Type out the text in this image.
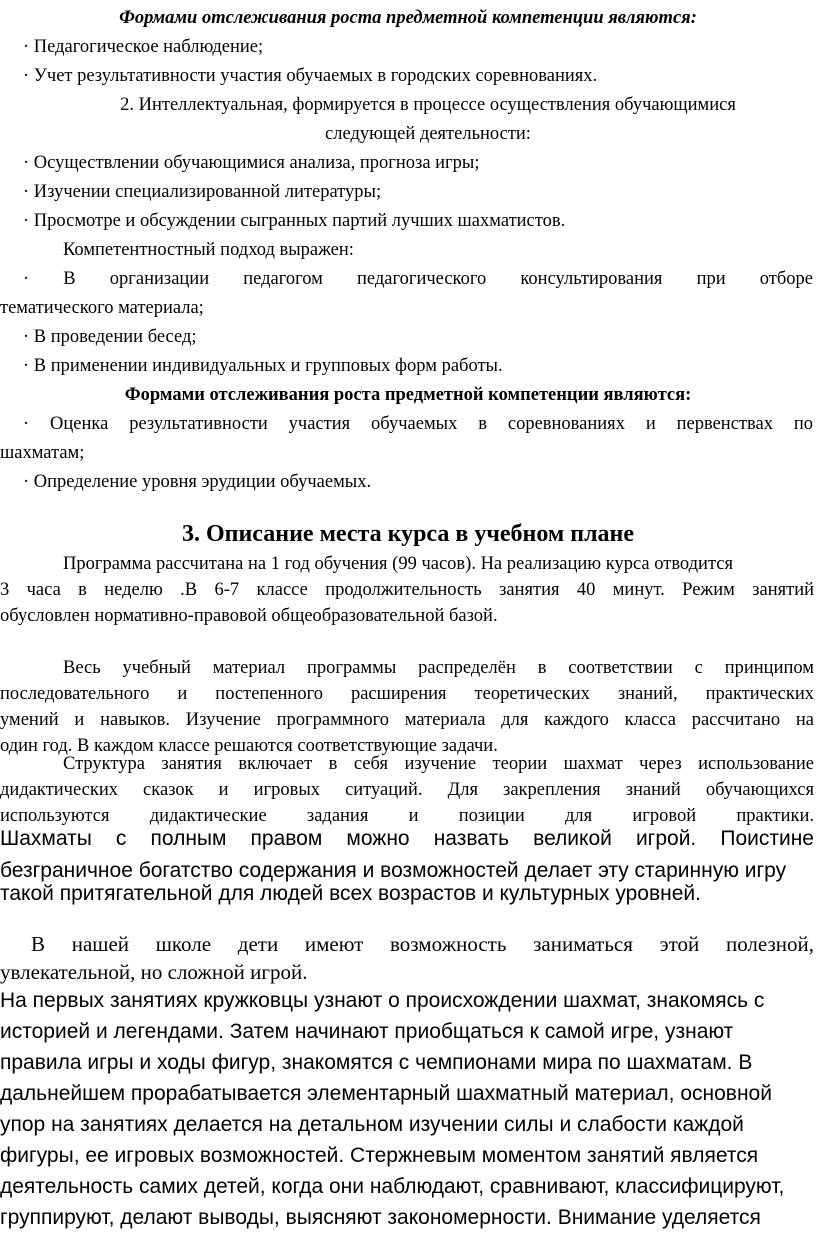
Формами отслеживания роста предметной компетенции являются:
· Педагогическое наблюдение;
· Учет результативности участия обучаемых в городских соревнованиях.
2. Интеллектуальная, формируется в процессе осуществления обучающимися
следующей деятельности:
· Осуществлении обучающимися анализа, прогноза игры;
· Изучении специализированной литературы;
· Просмотре и обсуждении сыгранных партий лучших шахматистов.
Компетентностный подход выражен:
· В организации педагогом педагогического консультирования при отборе
тематического материала;
· В проведении бесед;
· В применении индивидуальных и групповых форм работы.
Формами отслеживания роста предметной компетенции являются:
· Оценка результативности участия обучаемых в соревнованиях и первенствах по
шахматам;
· Определение уровня эрудиции обучаемых.
3. Описание места курса в учебном плане
Программа рассчитана на 1 год обучения (99 часов). На реализацию курса отводится
3 часа в неделю .В 6-7 классе продолжительность занятия 40 минут. Режим занятий
обусловлен нормативно-правовой общеобразовательной базой.
Весь учебный материал программы распределён в соответствии с принципом
последовательного и постепенного расширения теоретических знаний, практических
умений и навыков. Изучение программного материала для каждого класса рассчитано на
один год. В каждом классе решаются соответствующие задачи.
Структура занятия включает в себя изучение теории шахмат через использование
дидактических сказок и игровых ситуаций. Для закрепления знаний обучающихся
используются дидактические задания и позиции для игровой практики.
Шахматы с полным правом можно назвать великой игрой. Поистине
безграничное богатство содержания и возможностей делает эту старинную игру
такой притягательной для людей всех возрастов и культурных уровней.
В нашей школе дети имеют возможность заниматься этой полезной,
увлекательной, но сложной игрой.
На первых занятиях кружковцы узнают о происхождении шахмат, знакомясь с
историей и легендами. Затем начинают приобщаться к самой игре, узнают
правила игры и ходы фигур, знакомятся с чемпионами мира по шахматам. В
дальнейшем прорабатывается элементарный шахматный материал, основной
упор на занятиях делается на детальном изучении силы и слабости каждой
фигуры, ее игровых возможностей. Стержневым моментом занятий является
деятельность самих детей, когда они наблюдают, сравнивают, классифицируют,
группируют, делают выводы, выясняют закономерности. Внимание уделяется
